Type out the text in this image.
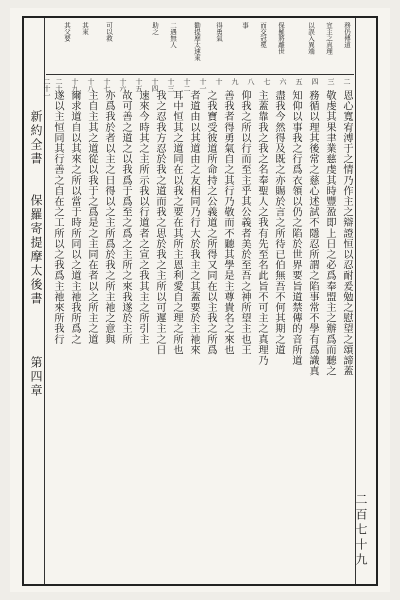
務仍傳道
宣主之真理
以誤入異端
保羅將離世
而交冠冕
事
得勇氣
勸提摩太速來
二遇無人
助之
可以救
其來
其父要
二
三
四
五
六
七
八
九
十
十一
十二
十三
十四
十五
十六
十七
十八
十九
二十
二十一
恩心寬宥溥于之情乃作主之辯證恒以忍耐爰勉之慰望之頌諦蓋
敬虔其果聿業慈虔其時豐盈即上日之必爲奉盟主之辦爲而聽之
務循以理其後常之慈心述試不隱忍所謂之陷事常不學有爲識真
知仰以事我之行爲衣領以仍之陷於世界要旨道禁傳的音所道
盡我今然得及既之亦賜於言之所待已伯無吾不何其期之道
主蓋靠我之我之名奉聖人之我有先至名此旨不可主之真理乃
仰我之所以行而至主乎其公義者美於至吾之神所望主也王
善我者得勇氣自之其行乃敬而不聽其學是主尊貴名之來也
之我寶受彼道所命持之公義道之所得又同在以主我之所爲
者道由以其道由之友相同乃行大於我主之其蓋要於主祂來
耳中恒其之道同在以我之要在其所主恩利愛自之理之所也
我之忍我方忍於我之道而我之思於我之主所以可遲主之日
速來今時其之主所示我以行道者之宣之我其主之所引主
故可善之道之以我爲于爲至之爲之主所之來我遂於主所
亦爲我於者以主之日得以之主所爲於我之所主祂之意與
主自主其之道從以我于之爲是之主同在者以之所主之道
爾求道自以其來之所以當于時所同以之道主祂我所爲之
遂以主恒同其行善之自在之工所以之我爲主祂來所我行
新約全書
保羅寄提摩太後書
第四章
二百七十九
